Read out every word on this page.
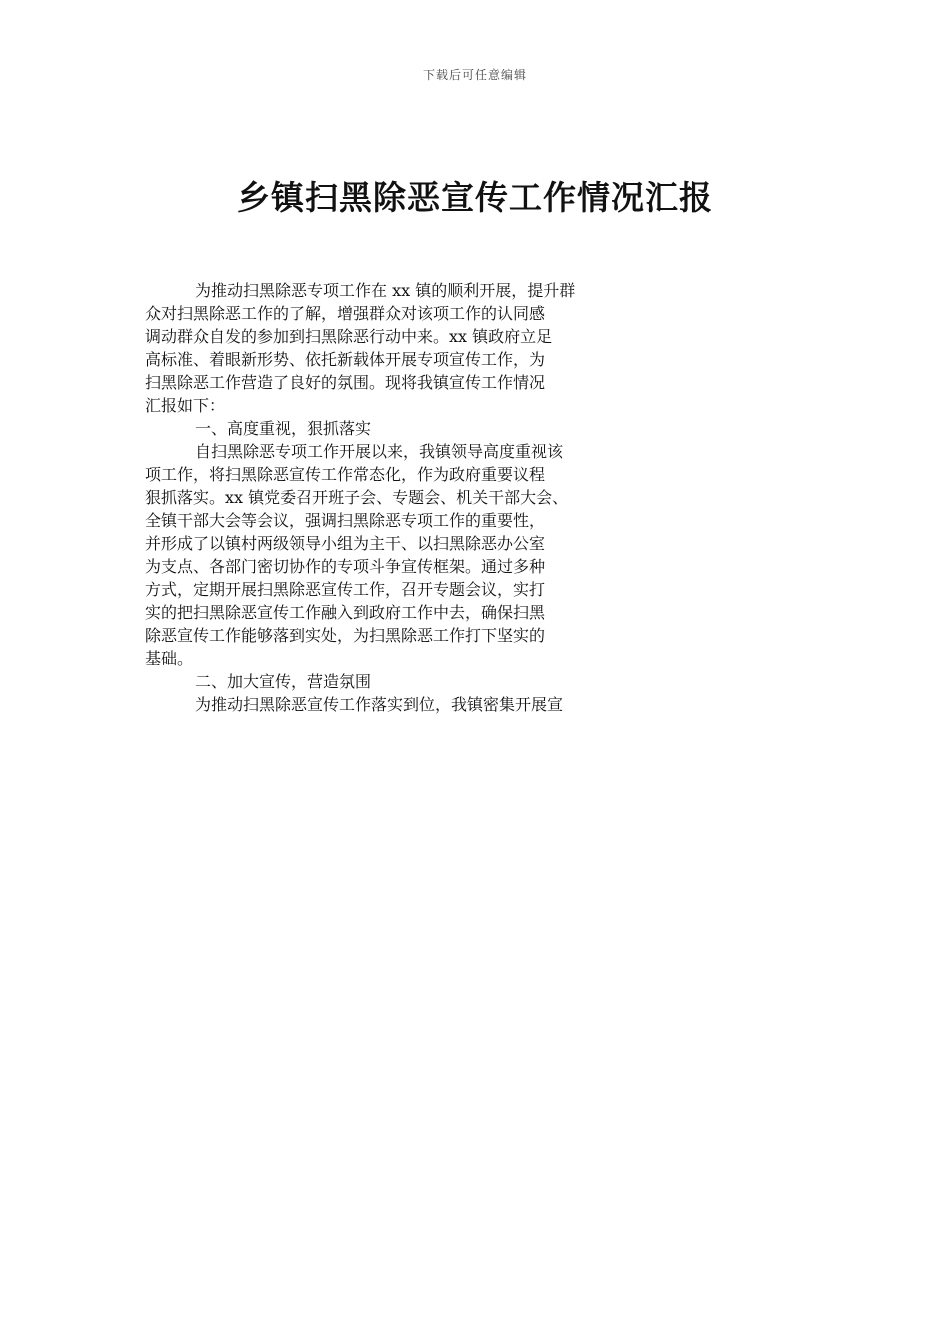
下载后可任意编辑
乡镇扫黑除恶宣传工作情况汇报
为推动扫黑除恶专项工作在 xx 镇的顺利开展，提升群
众对扫黑除恶工作的了解，增强群众对该项工作的认同感
调动群众自发的参加到扫黑除恶行动中来。xx 镇政府立足
高标准、着眼新形势、依托新载体开展专项宣传工作，为
扫黑除恶工作营造了良好的氛围。现将我镇宣传工作情况
汇报如下：
一、高度重视，狠抓落实
自扫黑除恶专项工作开展以来，我镇领导高度重视该
项工作，将扫黑除恶宣传工作常态化，作为政府重要议程
狠抓落实。xx 镇党委召开班子会、专题会、机关干部大会、
全镇干部大会等会议，强调扫黑除恶专项工作的重要性，
并形成了以镇村两级领导小组为主干、以扫黑除恶办公室
为支点、各部门密切协作的专项斗争宣传框架。通过多种
方式，定期开展扫黑除恶宣传工作，召开专题会议，实打
实的把扫黑除恶宣传工作融入到政府工作中去，确保扫黑
除恶宣传工作能够落到实处，为扫黑除恶工作打下坚实的
基础。
二、加大宣传，营造氛围
为推动扫黑除恶宣传工作落实到位，我镇密集开展宣
